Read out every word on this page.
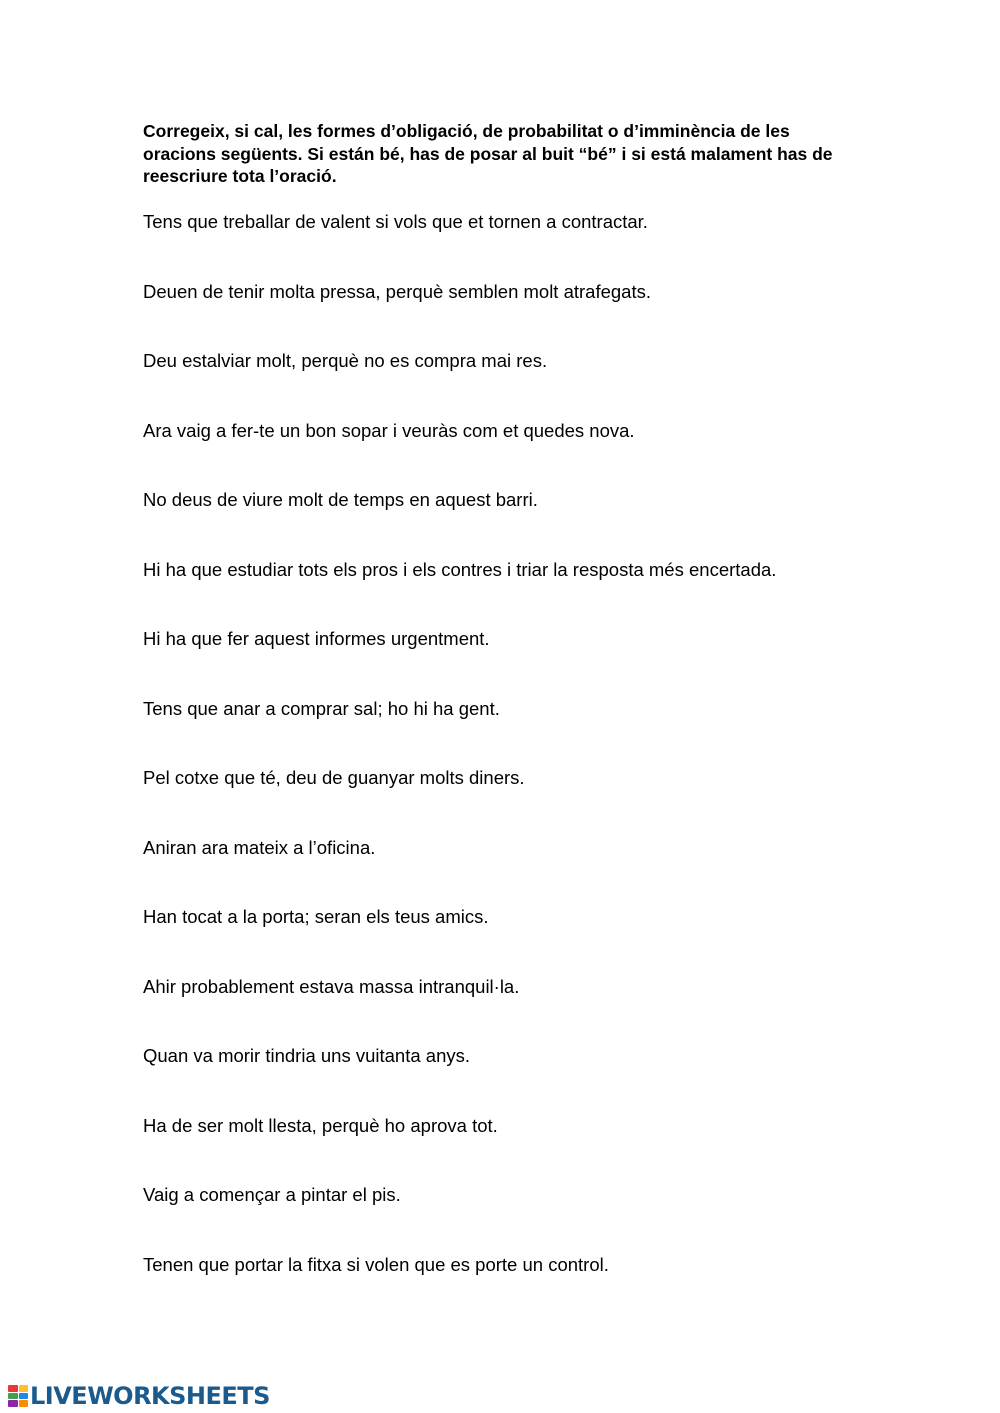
Corregeix, si cal, les formes d’obligació, de probabilitat o d’imminència de les oracions següents. Si están bé, has de posar al buit “bé” i si está malament has de reescriure tota l’oració.

Tens que treballar de valent si vols que et tornen a contractar.
Deuen de tenir molta pressa, perquè semblen molt atrafegats.
Deu estalviar molt, perquè no es compra mai res.
Ara vaig a fer-te un bon sopar i veuràs com et quedes nova.
No deus de viure molt de temps en aquest barri.
Hi ha que estudiar tots els pros i els contres i triar la resposta més encertada.
Hi ha que fer aquest informes urgentment.
Tens que anar a comprar sal; ho hi ha gent.
Pel cotxe que té, deu de guanyar molts diners.
Aniran ara mateix a l’oficina.
Han tocat a la porta; seran els teus amics.
Ahir probablement estava massa intranquil·la.
Quan va morir tindria uns vuitanta anys.
Ha de ser molt llesta, perquè ho aprova tot.
Vaig a començar a pintar el pis.
Tenen que portar la fitxa si volen que es porte un control.
LIVEWORKSHEETS
